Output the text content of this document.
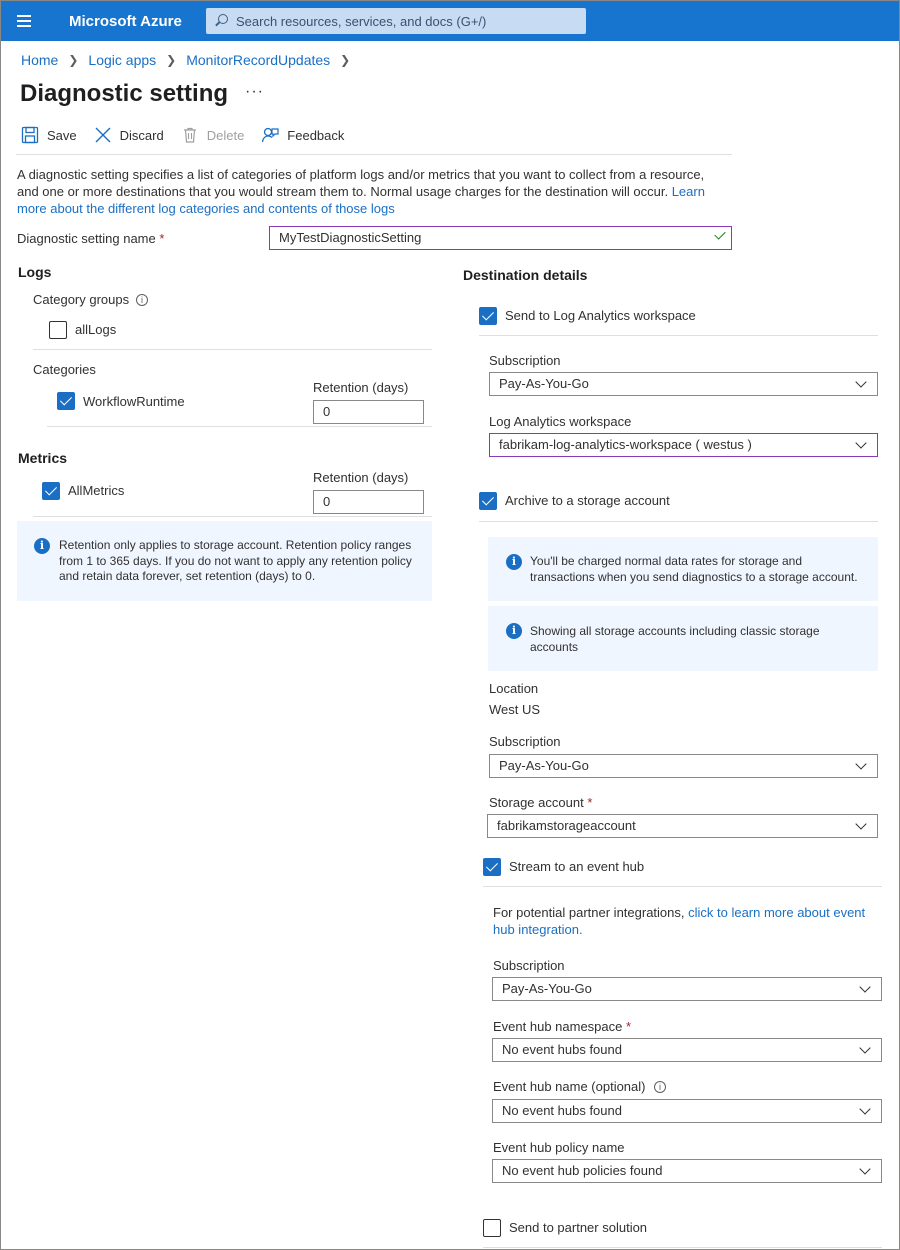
Microsoft Azure	Search resources, services, and docs (G+/)
Home ❯ Logic apps ❯ MonitorRecordUpdates ❯
Diagnostic setting ···
Save	Discard	Delete	Feedback
A diagnostic setting specifies a list of categories of platform logs and/or metrics that you want to collect from a resource, and one or more destinations that you would stream them to. Normal usage charges for the destination will occur. Learn more about the different log categories and contents of those logs
Diagnostic setting name *	MyTestDiagnosticSetting
Logs
Category groups	i
allLogs
Categories
Retention (days)
WorkflowRuntime
0
Metrics
Retention (days)
AllMetrics
0
i	Retention only applies to storage account. Retention policy ranges from 1 to 365 days. If you do not want to apply any retention policy and retain data forever, set retention (days) to 0.
Destination details
Send to Log Analytics workspace
Subscription
Pay-As-You-Go
Log Analytics workspace
fabrikam-log-analytics-workspace ( westus )
Archive to a storage account
i	You'll be charged normal data rates for storage and transactions when you send diagnostics to a storage account.
i	Showing all storage accounts including classic storage accounts
Location
West US
Subscription
Pay-As-You-Go
Storage account *
fabrikamstorageaccount
Stream to an event hub
For potential partner integrations, click to learn more about event hub integration.
Subscription
Pay-As-You-Go
Event hub namespace *
No event hubs found
Event hub name (optional)	i
No event hubs found
Event hub policy name
No event hub policies found
Send to partner solution
